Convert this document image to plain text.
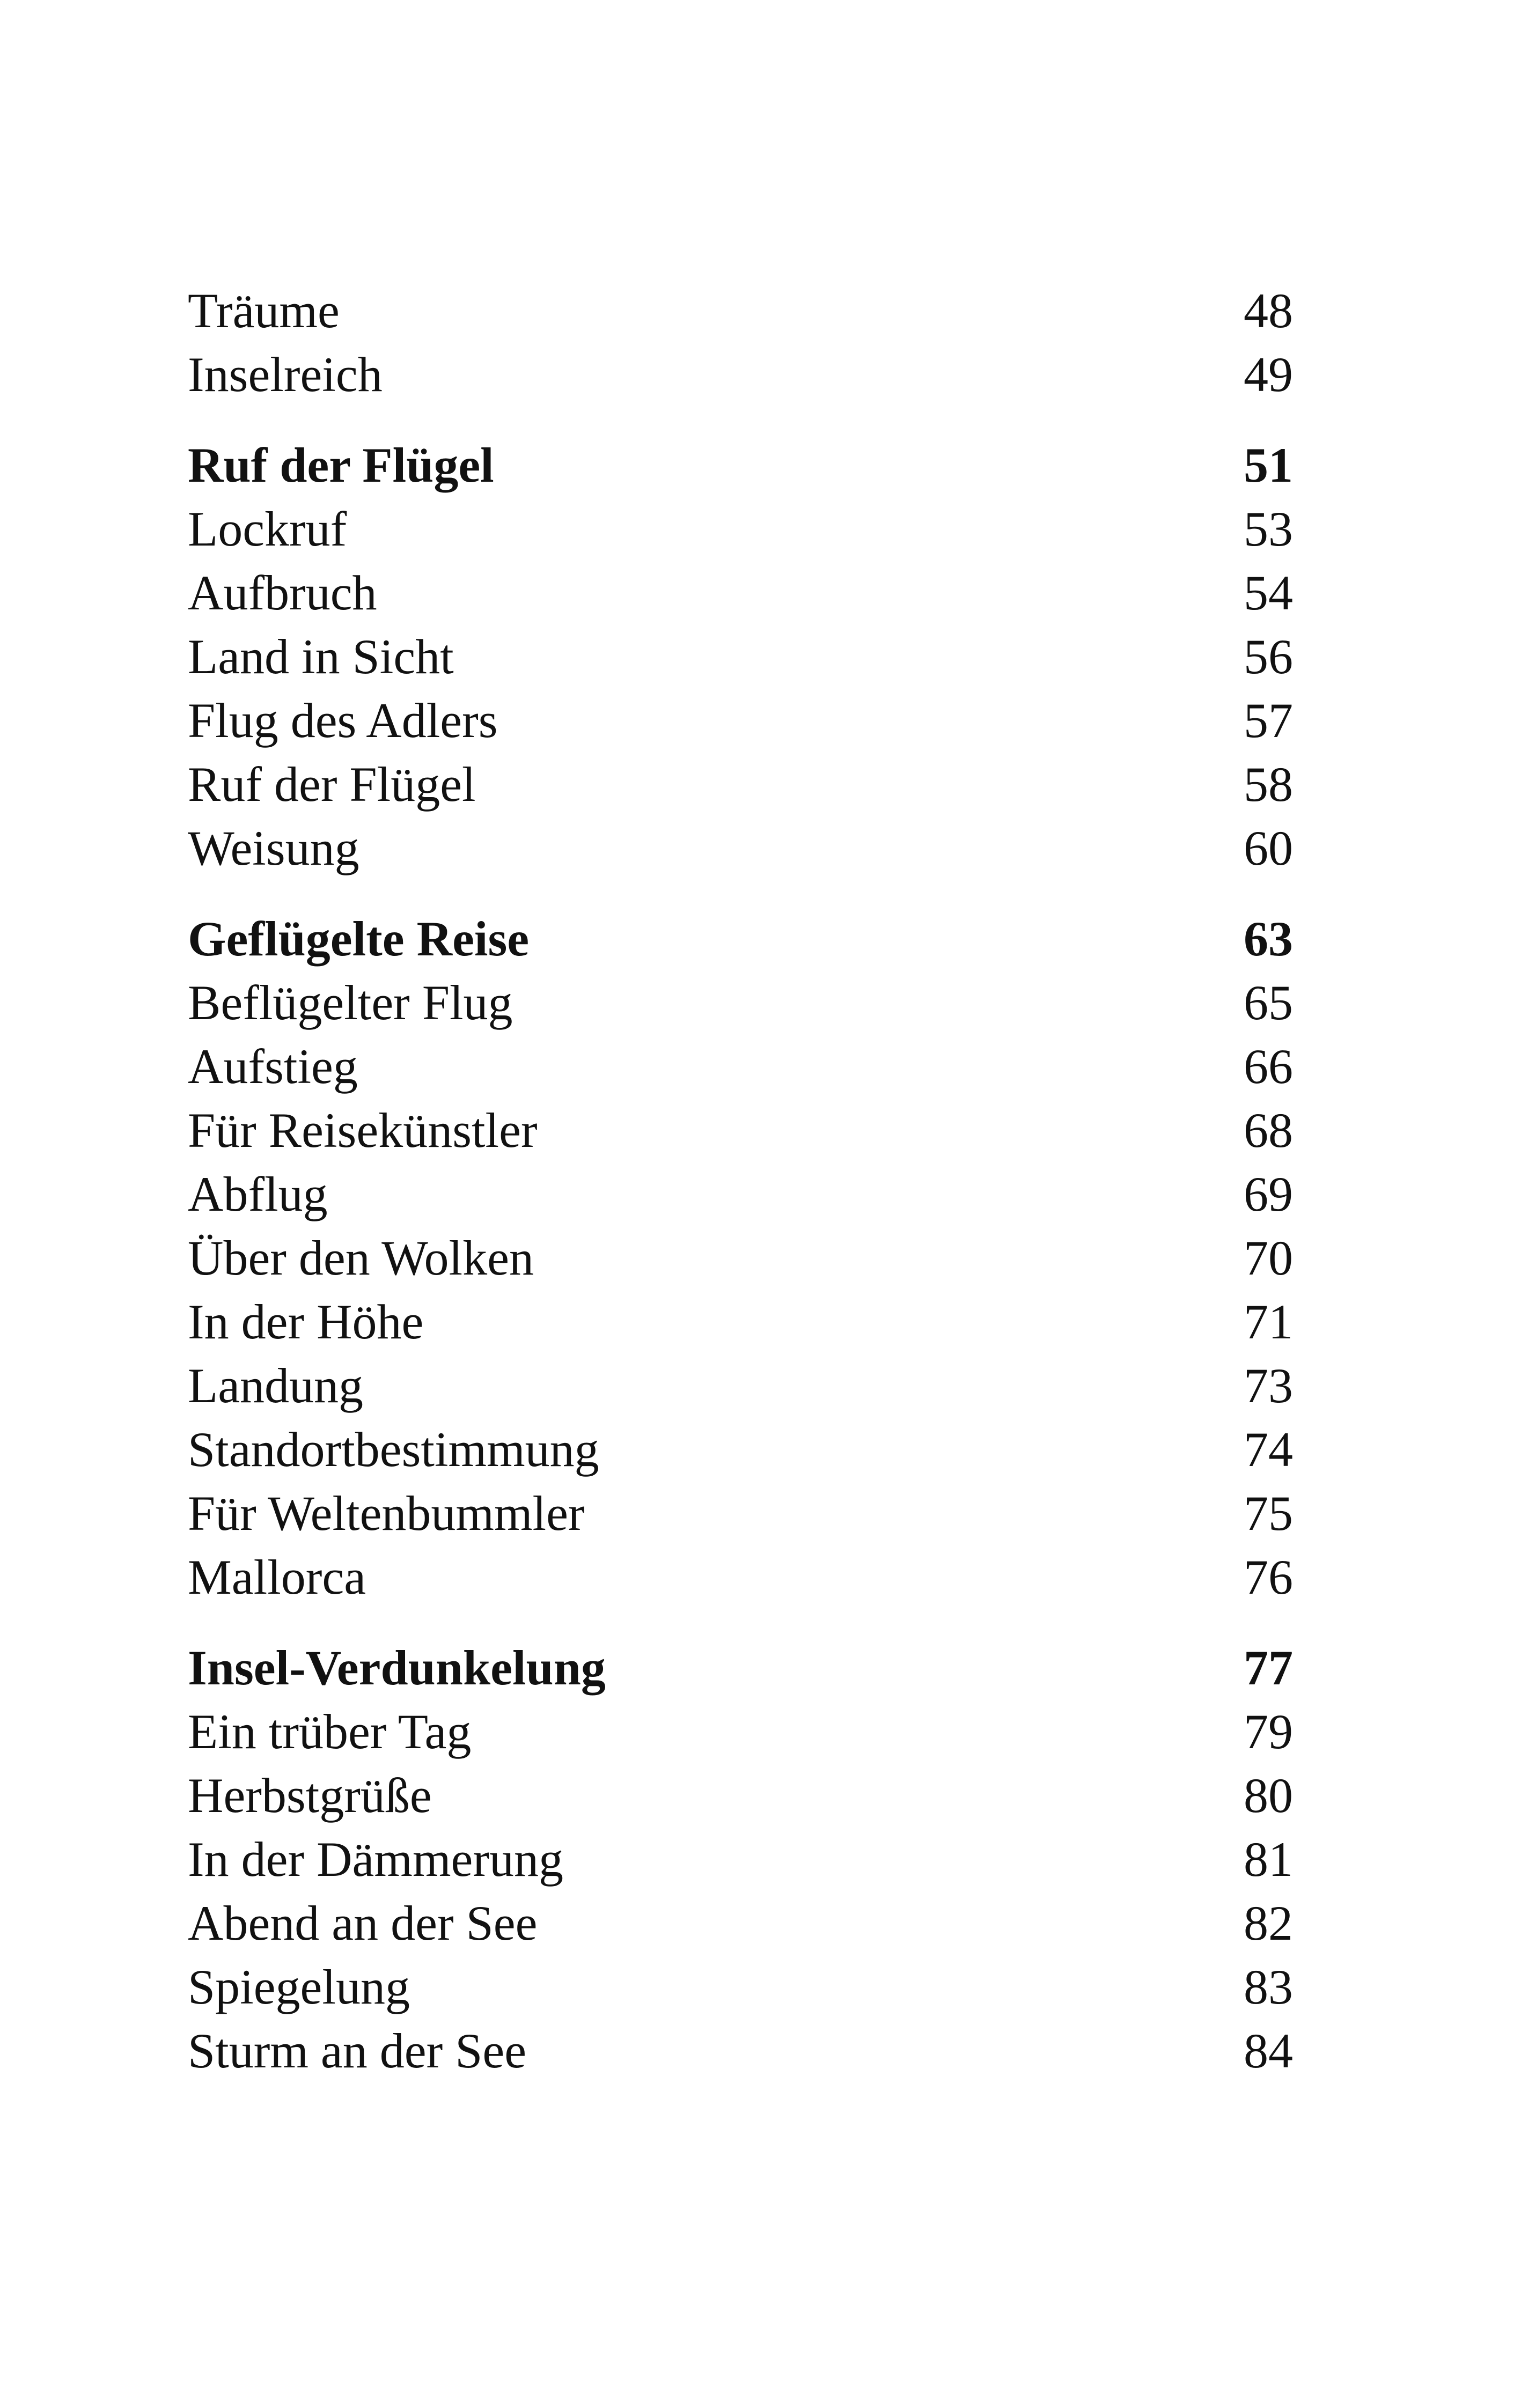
Träume	48
Inselreich	49
Ruf der Flügel	51
Lockruf	53
Aufbruch	54
Land in Sicht	56
Flug des Adlers	57
Ruf der Flügel	58
Weisung	60
Geflügelte Reise	63
Beflügelter Flug	65
Aufstieg	66
Für Reisekünstler	68
Abflug	69
Über den Wolken	70
In der Höhe	71
Landung	73
Standortbestimmung	74
Für Weltenbummler	75
Mallorca	76
Insel-Verdunkelung	77
Ein trüber Tag	79
Herbstgrüße	80
In der Dämmerung	81
Abend an der See	82
Spiegelung	83
Sturm an der See	84
